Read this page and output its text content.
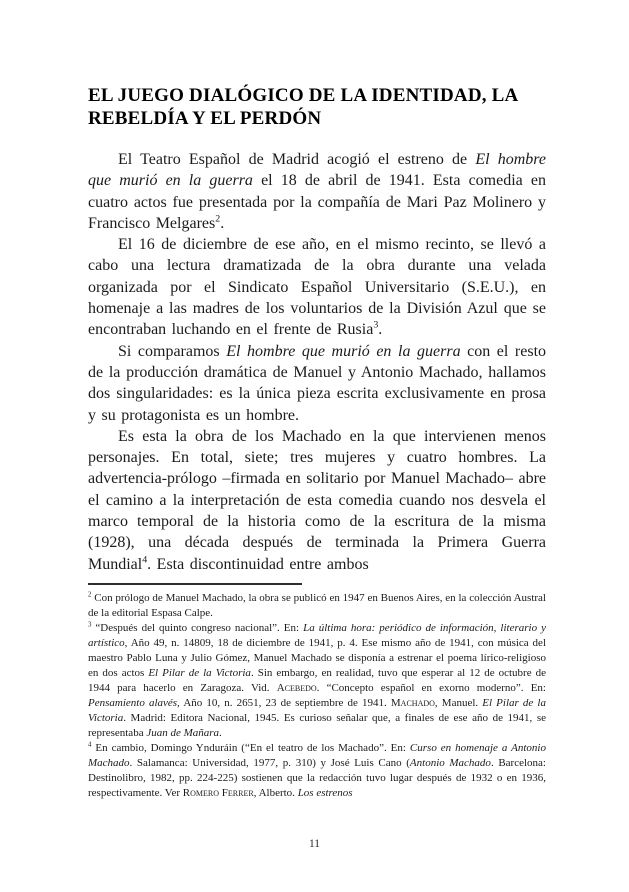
EL JUEGO DIALÓGICO DE LA IDENTIDAD, LA
REBELDÍA Y EL PERDÓN

El Teatro Español de Madrid acogió el estreno de El hombre que murió en la guerra el 18 de abril de 1941. Esta comedia en cuatro actos fue presentada por la compañía de Mari Paz Molinero y Francisco Melgares$^2$.

El 16 de diciembre de ese año, en el mismo recinto, se llevó a cabo una lectura dramatizada de la obra durante una velada organizada por el Sindicato Español Universitario (S.E.U.), en homenaje a las madres de los voluntarios de la División Azul que se encontraban luchando en el frente de Rusia$^3$.

Si comparamos El hombre que murió en la guerra con el resto de la producción dramática de Manuel y Antonio Machado, hallamos dos singularidades: es la única pieza escrita exclusivamente en prosa y su protagonista es un hombre.

Es esta la obra de los Machado en la que intervienen menos personajes. En total, siete; tres mujeres y cuatro hombres. La advertencia-prólogo –firmada en solitario por Manuel Machado– abre el camino a la interpretación de esta comedia cuando nos desvela el marco temporal de la historia como de la escritura de la misma (1928), una década después de terminada la Primera Guerra Mundial$^4$. Esta discontinuidad entre ambos

$^2$ Con prólogo de Manuel Machado, la obra se publicó en 1947 en Buenos Aires, en la colección Austral de la editorial Espasa Calpe.

$^3$ “Después del quinto congreso nacional”. En: La última hora: periódico de información, literario y artístico, Año 49, n. 14809, 18 de diciembre de 1941, p. 4. Ese mismo año de 1941, con música del maestro Pablo Luna y Julio Gómez, Manuel Machado se disponía a estrenar el poema lírico-religioso en dos actos El Pilar de la Victoria. Sin embargo, en realidad, tuvo que esperar al 12 de octubre de 1944 para hacerlo en Zaragoza. Vid. Acebedo. “Concepto español en exorno moderno”. En: Pensamiento alavés, Año 10, n. 2651, 23 de septiembre de 1941. Machado, Manuel. El Pilar de la Victoria. Madrid: Editora Nacional, 1945. Es curioso señalar que, a finales de ese año de 1941, se representaba Juan de Mañara.

$^4$ En cambio, Domingo Ynduráin (“En el teatro de los Machado”. En: Curso en homenaje a Antonio Machado. Salamanca: Universidad, 1977, p. 310) y José Luis Cano (Antonio Machado. Barcelona: Destinolibro, 1982, pp. 224-225) sostienen que la redacción tuvo lugar después de 1932 o en 1936, respectivamente. Ver Romero Ferrer, Alberto. Los estrenos

11
